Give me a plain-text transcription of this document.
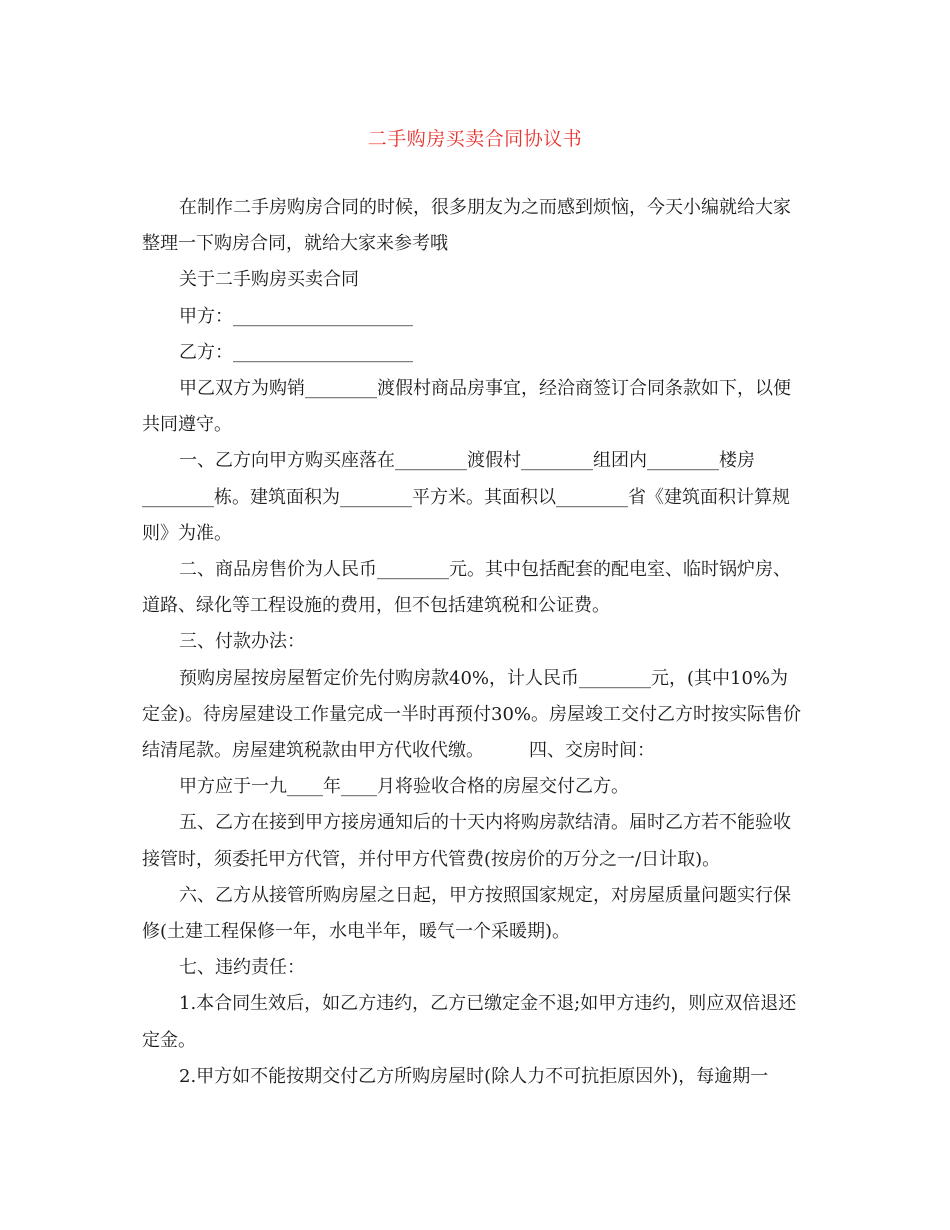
二手购房买卖合同协议书

在制作二手房购房合同的时候，很多朋友为之而感到烦恼，今天小编就给大家整理一下购房合同，就给大家来参考哦

关于二手购房买卖合同

甲方：____________________

乙方：____________________

甲乙双方为购销________渡假村商品房事宜，经洽商签订合同条款如下，以便共同遵守。

一、乙方向甲方购买座落在________渡假村________组团内________楼房________栋。建筑面积为________平方米。其面积以________省《建筑面积计算规则》为准。

二、商品房售价为人民币________元。其中包括配套的配电室、临时锅炉房、道路、绿化等工程设施的费用，但不包括建筑税和公证费。

三、付款办法：

预购房屋按房屋暂定价先付购房款40%，计人民币________元，(其中10%为定金)。待房屋建设工作量完成一半时再预付30%。房屋竣工交付乙方时按实际售价结清尾款。房屋建筑税款由甲方代收代缴。　　　四、交房时间：

甲方应于一九____年____月将验收合格的房屋交付乙方。

五、乙方在接到甲方接房通知后的十天内将购房款结清。届时乙方若不能验收接管时，须委托甲方代管，并付甲方代管费(按房价的万分之一/日计取)。

六、乙方从接管所购房屋之日起，甲方按照国家规定，对房屋质量问题实行保修(土建工程保修一年，水电半年，暖气一个采暖期)。

七、违约责任：

1.本合同生效后，如乙方违约，乙方已缴定金不退;如甲方违约，则应双倍退还定金。

2.甲方如不能按期交付乙方所购房屋时(除人力不可抗拒原因外)，每逾期一
